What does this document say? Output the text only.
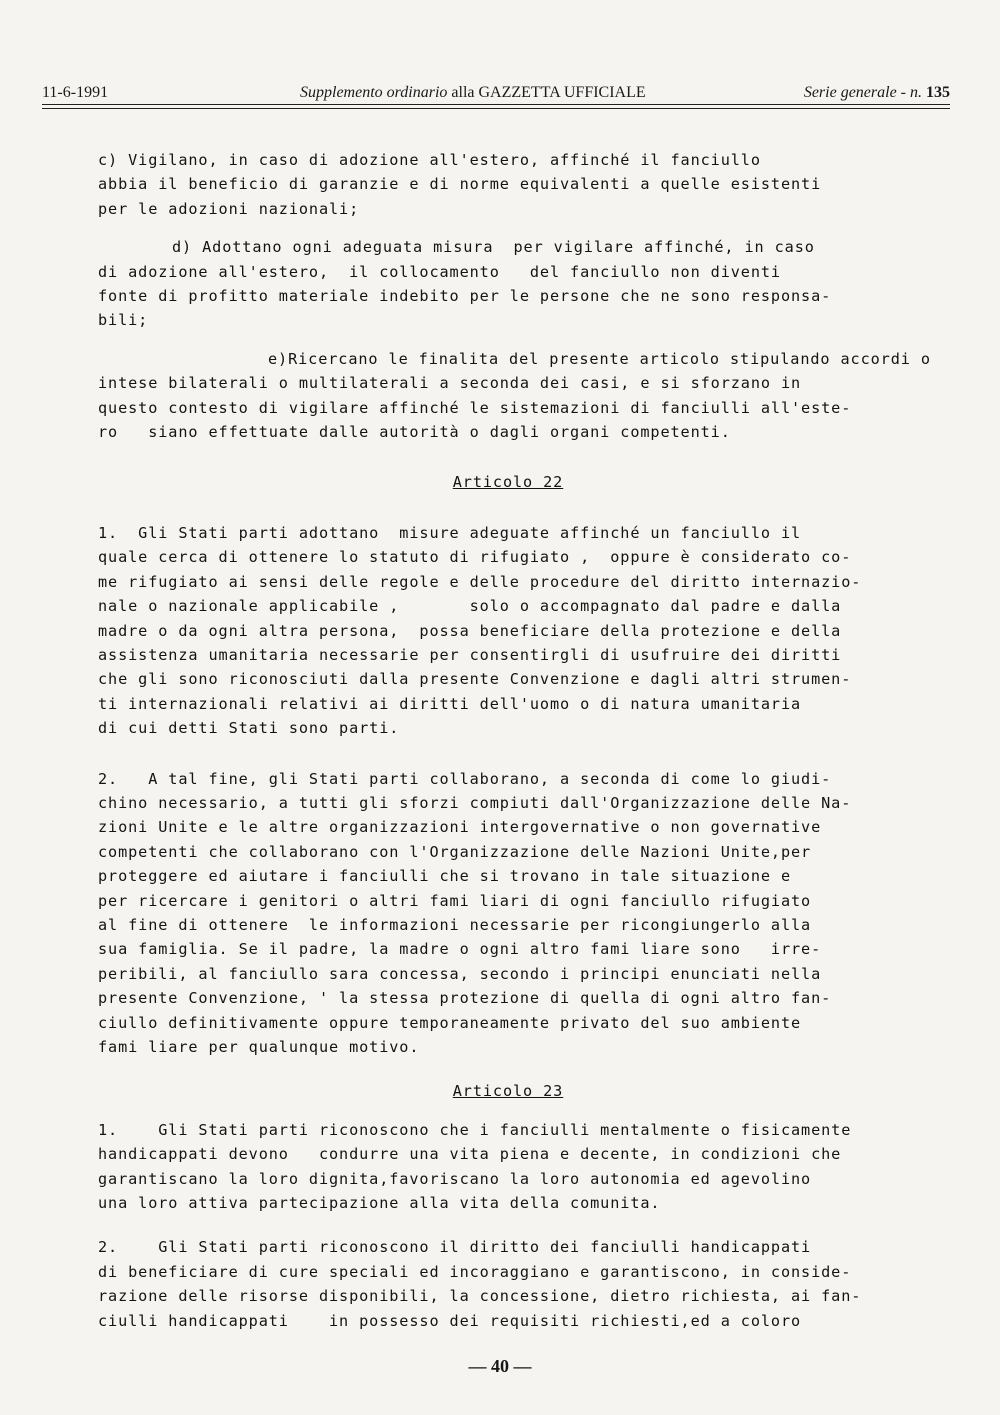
11-6-1991	Supplemento ordinario alla GAZZETTA UFFICIALE	Serie generale - n. 135

c) Vigilano, in caso di adozione all'estero, affinché il fanciullo

abbia il beneficio di garanzie e di norme equivalenti a quelle esistenti

per le adozioni nazionali;

d) Adottano ogni adeguata misura  per vigilare affinché, in caso

di adozione all'estero,  il collocamento   del fanciullo non diventi

fonte di profitto materiale indebito per le persone che ne sono responsa-

bili;

e)Ricercano le finalita del presente articolo stipulando accordi o

intese bilaterali o multilaterali a seconda dei casi, e si sforzano in

questo contesto di vigilare affinché le sistemazioni di fanciulli all'este-

ro   siano effettuate dalle autorità o dagli organi competenti.

Articolo 22

1.  Gli Stati parti adottano  misure adeguate affinché un fanciullo il

quale cerca di ottenere lo statuto di rifugiato ,  oppure è considerato co-

me rifugiato ai sensi delle regole e delle procedure del diritto internazio-

nale o nazionale applicabile ,       solo o accompagnato dal padre e dalla

madre o da ogni altra persona,  possa beneficiare della protezione e della

assistenza umanitaria necessarie per consentirgli di usufruire dei diritti

che gli sono riconosciuti dalla presente Convenzione e dagli altri strumen-

ti internazionali relativi ai diritti dell'uomo o di natura umanitaria

di cui detti Stati sono parti.

2.   A tal fine, gli Stati parti collaborano, a seconda di come lo giudi-

chino necessario, a tutti gli sforzi compiuti dall'Organizzazione delle Na-

zioni Unite e le altre organizzazioni intergovernative o non governative

competenti che collaborano con l'Organizzazione delle Nazioni Unite,per

proteggere ed aiutare i fanciulli che si trovano in tale situazione e

per ricercare i genitori o altri fami liari di ogni fanciullo rifugiato

al fine di ottenere  le informazioni necessarie per ricongiungerlo alla

sua famiglia. Se il padre, la madre o ogni altro fami liare sono   irre-

peribili, al fanciullo sara concessa, secondo i principi enunciati nella

presente Convenzione, ' la stessa protezione di quella di ogni altro fan-

ciullo definitivamente oppure temporaneamente privato del suo ambiente

fami liare per qualunque motivo.

Articolo 23

1.    Gli Stati parti riconoscono che i fanciulli mentalmente o fisicamente

handicappati devono   condurre una vita piena e decente, in condizioni che

garantiscano la loro dignita,favoriscano la loro autonomia ed agevolino

una loro attiva partecipazione alla vita della comunita.

2.    Gli Stati parti riconoscono il diritto dei fanciulli handicappati

di beneficiare di cure speciali ed incoraggiano e garantiscono, in conside-

razione delle risorse disponibili, la concessione, dietro richiesta, ai fan-

ciulli handicappati    in possesso dei requisiti richiesti,ed a coloro

— 40 —
